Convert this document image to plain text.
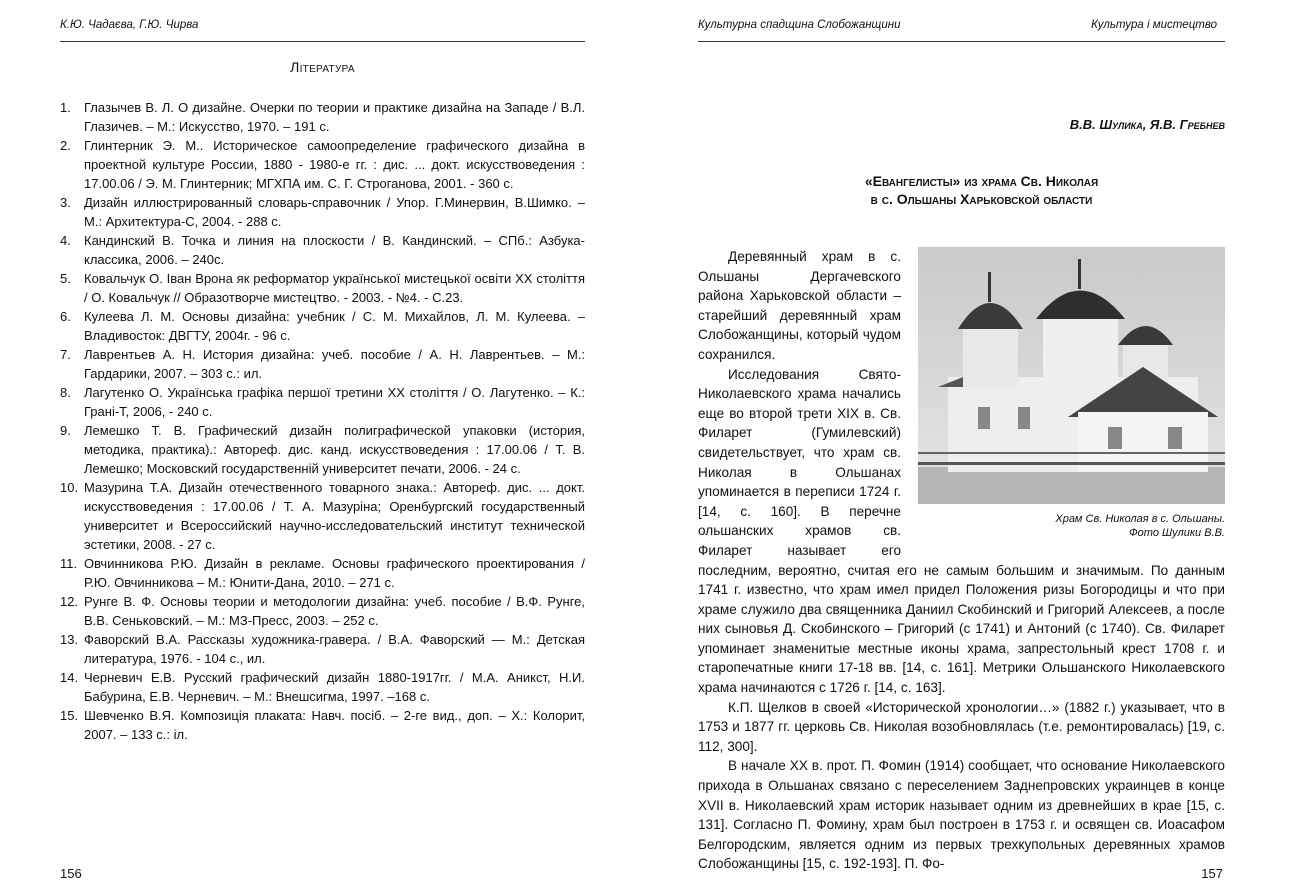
К.Ю. Чадаєва, Г.Ю. Чирва
Література
1. Глазычев В. Л. О дизайне. Очерки по теории и практике дизайна на Западе / В.Л. Глазичев. – М.: Искусство, 1970. – 191 с.
2. Глинтерник Э. М.. Историческое самоопределение графического дизайна в проектной культуре России, 1880 - 1980-е гг. : дис. ... докт. искусствоведения : 17.00.06 / Э. М. Глинтерник; МГХПА им. С. Г. Строганова, 2001. - 360 с.
3. Дизайн иллюстрированный словарь-справочник / Упор. Г.Минервин, В.Шимко. – М.: Архитектура-С, 2004. - 288 с.
4. Кандинский В. Точка и линия на плоскости / В. Кандинский. – СПб.: Азбука-классика, 2006. – 240с.
5. Ковальчук О. Іван Врона як реформатор української мистецької освіти XX століття / О. Ковальчук // Образотворче мистецтво. - 2003. - №4. - С.23.
6. Кулеева Л. М. Основы дизайна: учебник / С. М. Михайлов, Л. М. Кулеева. – Владивосток: ДВГТУ, 2004г. - 96 с.
7. Лаврентьев А. Н. История дизайна: учеб. пособие / А. Н. Лаврентьев. – М.: Гардарики, 2007. – 303 с.: ил.
8. Лагутенко О. Українська графіка першої третини XX століття / О. Лагутенко. – К.: Грані-Т, 2006, - 240 с.
9. Лемешко Т. В. Графический дизайн полиграфической упаковки (история, методика, практика).: Автореф. дис. канд. искусствоведения : 17.00.06 / Т. В. Лемешко; Московский государственній университет печати, 2006. - 24 с.
10. Мазурина Т.А. Дизайн отечественного товарного знака.: Автореф. дис. ... докт. искусствоведения : 17.00.06 / Т. А. Мазуріна; Оренбургский государственный университет и Всероссийский научно-исследовательский институт технической эстетики, 2008. - 27 с.
11. Овчинникова Р.Ю. Дизайн в рекламе. Основы графического проектирования / Р.Ю. Овчинникова – М.: Юнити-Дана, 2010. – 271 с.
12. Рунге В. Ф. Основы теории и методологии дизайна: учеб. пособие / В.Ф. Рунге, В.В. Сеньковский. – М.: МЗ-Пресс, 2003. – 252 с.
13. Фаворский В.А. Рассказы художника-гравера. / В.А. Фаворский — М.: Детская литература, 1976. - 104 с., ил.
14. Черневич Е.В. Русский графический дизайн 1880-1917гг. / М.А. Аникст, Н.И. Бабурина, Е.В. Черневич. – М.: Внешсигма, 1997. –168 с.
15. Шевченко В.Я. Композиція плаката: Навч. посіб. – 2-ге вид., доп. – Х.: Колорит, 2007. – 133 с.: іл.
156
Культурна спадщина Слобожанщини	Культура і мистецтво
В.В. Шулика, Я.В. Гребнев
«Евангелисты» из храма Св. Николая
в с. Ольшаны Харьковской области
Храм Св. Николая в с. Ольшаны.
Фото Шулики В.В.

Деревянный храм в с. Ольшаны Дергачевского района Харьковской области – старейший деревянный храм Слобожанщины, который чудом сохранился.

Исследования Свято-Николаевского храма начались еще во второй трети XIX в. Св. Филарет (Гумилевский) свидетельствует, что храм св. Николая в Ольшанах упоминается в переписи 1724 г. [14, с. 160]. В перечне ольшанских храмов св. Филарет называет его последним, вероятно, считая его не самым большим и значимым. По данным 1741 г. известно, что храм имел придел Положения ризы Богородицы и что при храме служило два священника Даниил Скобинский и Григорий Алексеев, а после них сыновья Д. Скобинского – Григорий (с 1741) и Антоний (с 1740). Св. Филарет упоминает знаменитые местные иконы храма, запрестольный крест 1708 г. и старопечатные книги 17-18 вв. [14, с. 161]. Метрики Ольшанского Николаевского храма начинаются с 1726 г. [14, с. 163].

К.П. Щелков в своей «Исторической хронологии…» (1882 г.) указывает, что в 1753 и 1877 гг. церковь Св. Николая возобновлялась (т.е. ремонтировалась) [19, с. 112, 300].

В начале XX в. прот. П. Фомин (1914) сообщает, что основание Николаевского прихода в Ольшанах связано с переселением Заднепровских украинцев в конце XVII в. Николаевский храм историк называет одним из древнейших в крае [15, с. 131]. Согласно П. Фомину, храм был построен в 1753 г. и освящен св. Иоасафом Белгородским, является одним из первых трехкупольных деревянных храмов Слобожанщины [15, с. 192-193]. П. Фо-

157
